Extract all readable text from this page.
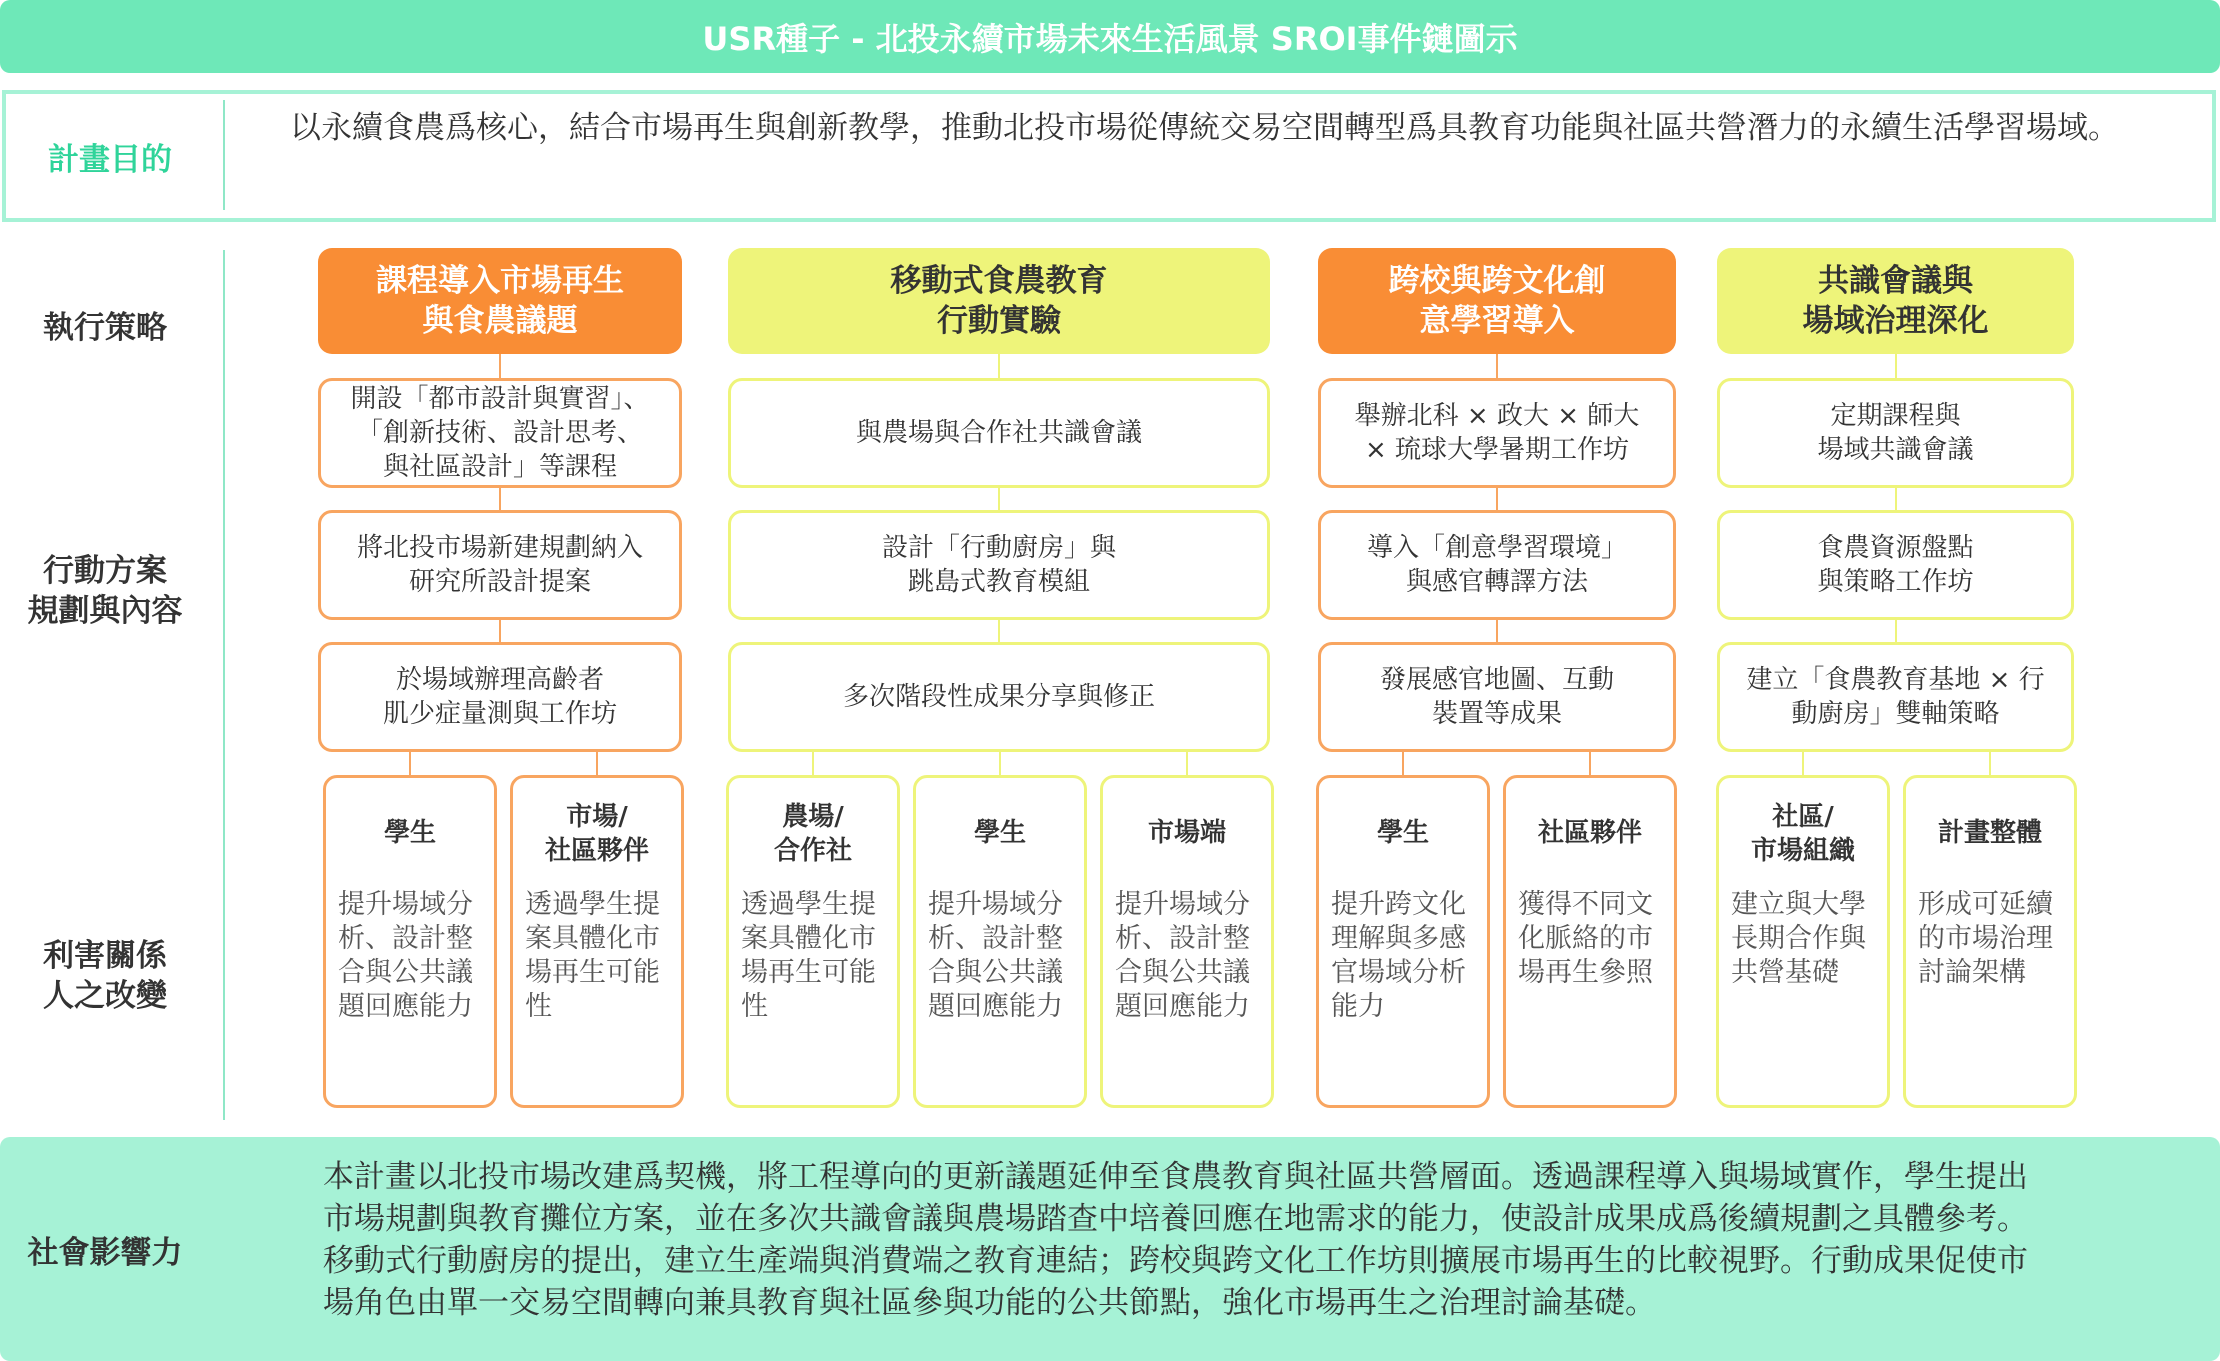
USR種子 - 北投永續市場未來生活風景 SROI事件鏈圖示
計畫目的
以永續食農爲核心，結合市場再生與創新教學，推動北投市場從傳統交易空間轉型爲具教育功能與社區共營潛力的永續生活學習場域。
執行策略
行動方案
規劃與內容
利害關係
人之改變
課程導入市場再生
與食農議題
開設「都市設計與實習」、
「創新技術、設計思考、
與社區設計」等課程
將北投市場新建規劃納入
研究所設計提案
於場域辦理高齡者
肌少症量測與工作坊
學生
提升場域分
析、設計整
合與公共議
題回應能力
市場/
社區夥伴
透過學生提
案具體化市
場再生可能
性
移動式食農教育
行動實驗
與農場與合作社共識會議
設計「行動廚房」與
跳島式教育模組
多次階段性成果分享與修正
農場/
合作社
透過學生提
案具體化市
場再生可能
性
學生
提升場域分
析、設計整
合與公共議
題回應能力
市場端
提升場域分
析、設計整
合與公共議
題回應能力
跨校與跨文化創
意學習導入
舉辦北科 × 政大 × 師大
× 琉球大學暑期工作坊
導入「創意學習環境」
與感官轉譯方法
發展感官地圖、互動
裝置等成果
學生
提升跨文化
理解與多感
官場域分析
能力
社區夥伴
獲得不同文
化脈絡的市
場再生參照
共識會議與
場域治理深化
定期課程與
場域共識會議
食農資源盤點
與策略工作坊
建立「食農教育基地 × 行
動廚房」雙軸策略
社區/
市場組織
建立與大學
長期合作與
共營基礎
計畫整體
形成可延續
的市場治理
討論架構
社會影響力
本計畫以北投市場改建爲契機，將工程導向的更新議題延伸至食農教育與社區共營層面。透過課程導入與場域實作，學生提出
市場規劃與教育攤位方案，並在多次共識會議與農場踏查中培養回應在地需求的能力，使設計成果成爲後續規劃之具體參考。
移動式行動廚房的提出，建立生產端與消費端之教育連結；跨校與跨文化工作坊則擴展市場再生的比較視野。行動成果促使市
場角色由單一交易空間轉向兼具教育與社區參與功能的公共節點，強化市場再生之治理討論基礎。
